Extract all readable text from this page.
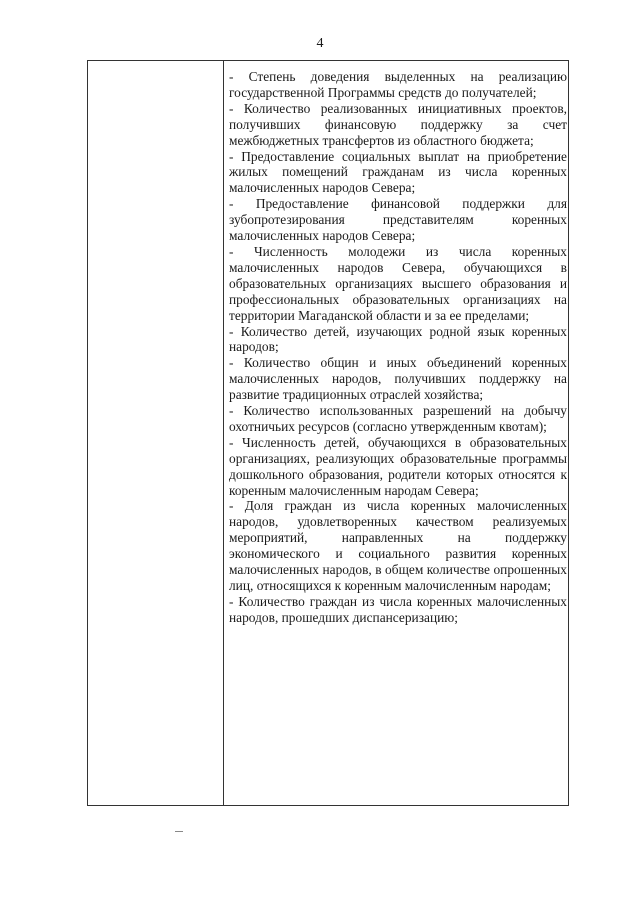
4

- Степень доведения выделенных на реализацию государственной Программы средств до получателей;

- Количество реализованных инициативных проектов, получивших финансовую поддержку за счет межбюджетных трансфертов из областного бюджета;

- Предоставление социальных выплат на приобретение жилых помещений гражданам из числа коренных малочисленных народов Севера;

- Предоставление финансовой поддержки для зубопротезирования представителям коренных малочисленных народов Севера;

- Численность молодежи из числа коренных малочисленных народов Севера, обучающихся в образовательных организациях высшего образования и профессиональных образовательных организациях на территории Магаданской области и за ее пределами;

- Количество детей, изучающих родной язык коренных народов;

- Количество общин и иных объединений коренных малочисленных народов, получивших поддержку на развитие традиционных отраслей хозяйства;

- Количество использованных разрешений на добычу охотничьих ресурсов (согласно утвержденным квотам);

- Численность детей, обучающихся в образовательных организациях, реализующих образовательные программы дошкольного образования, родители которых относятся к коренным малочисленным народам Севера;

- Доля граждан из числа коренных малочисленных народов, удовлетворенных качеством реализуемых мероприятий, направленных на поддержку экономического и социального развития коренных малочисленных народов, в общем количестве опрошенных лиц, относящихся к коренным малочисленным народам;

- Количество граждан из числа коренных малочисленных народов, прошедших диспансеризацию;
